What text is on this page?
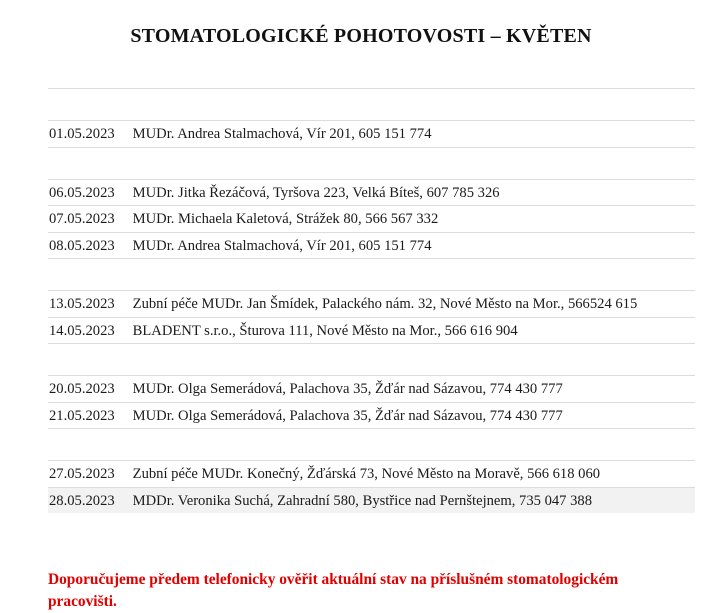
STOMATOLOGICKÉ POHOTOVOSTI – KVĚTEN
01.05.2023 MUDr. Andrea Stalmachová, Vír 201, 605 151 774
06.05.2023 MUDr. Jitka Řezáčová, Tyršova 223, Velká Bíteš, 607 785 326
07.05.2023 MUDr. Michaela Kaletová, Strážek 80, 566 567 332
08.05.2023 MUDr. Andrea Stalmachová, Vír 201, 605 151 774
13.05.2023 Zubní péče MUDr. Jan Šmídek, Palackého nám. 32, Nové Město na Mor., 566524 615
14.05.2023 BLADENT s.r.o., Šturova 111, Nové Město na Mor., 566 616 904
20.05.2023 MUDr. Olga Semerádová, Palachova 35, Žďár nad Sázavou, 774 430 777
21.05.2023 MUDr. Olga Semerádová, Palachova 35, Žďár nad Sázavou, 774 430 777
27.05.2023 Zubní péče MUDr. Konečný, Žďárská 73, Nové Město na Moravě, 566 618 060
28.05.2023 MDDr. Veronika Suchá, Zahradní 580, Bystřice nad Pernštejnem, 735 047 388

Doporučujeme předem telefonicky ověřit aktuální stav na příslušném stomatologickém pracovišti.
